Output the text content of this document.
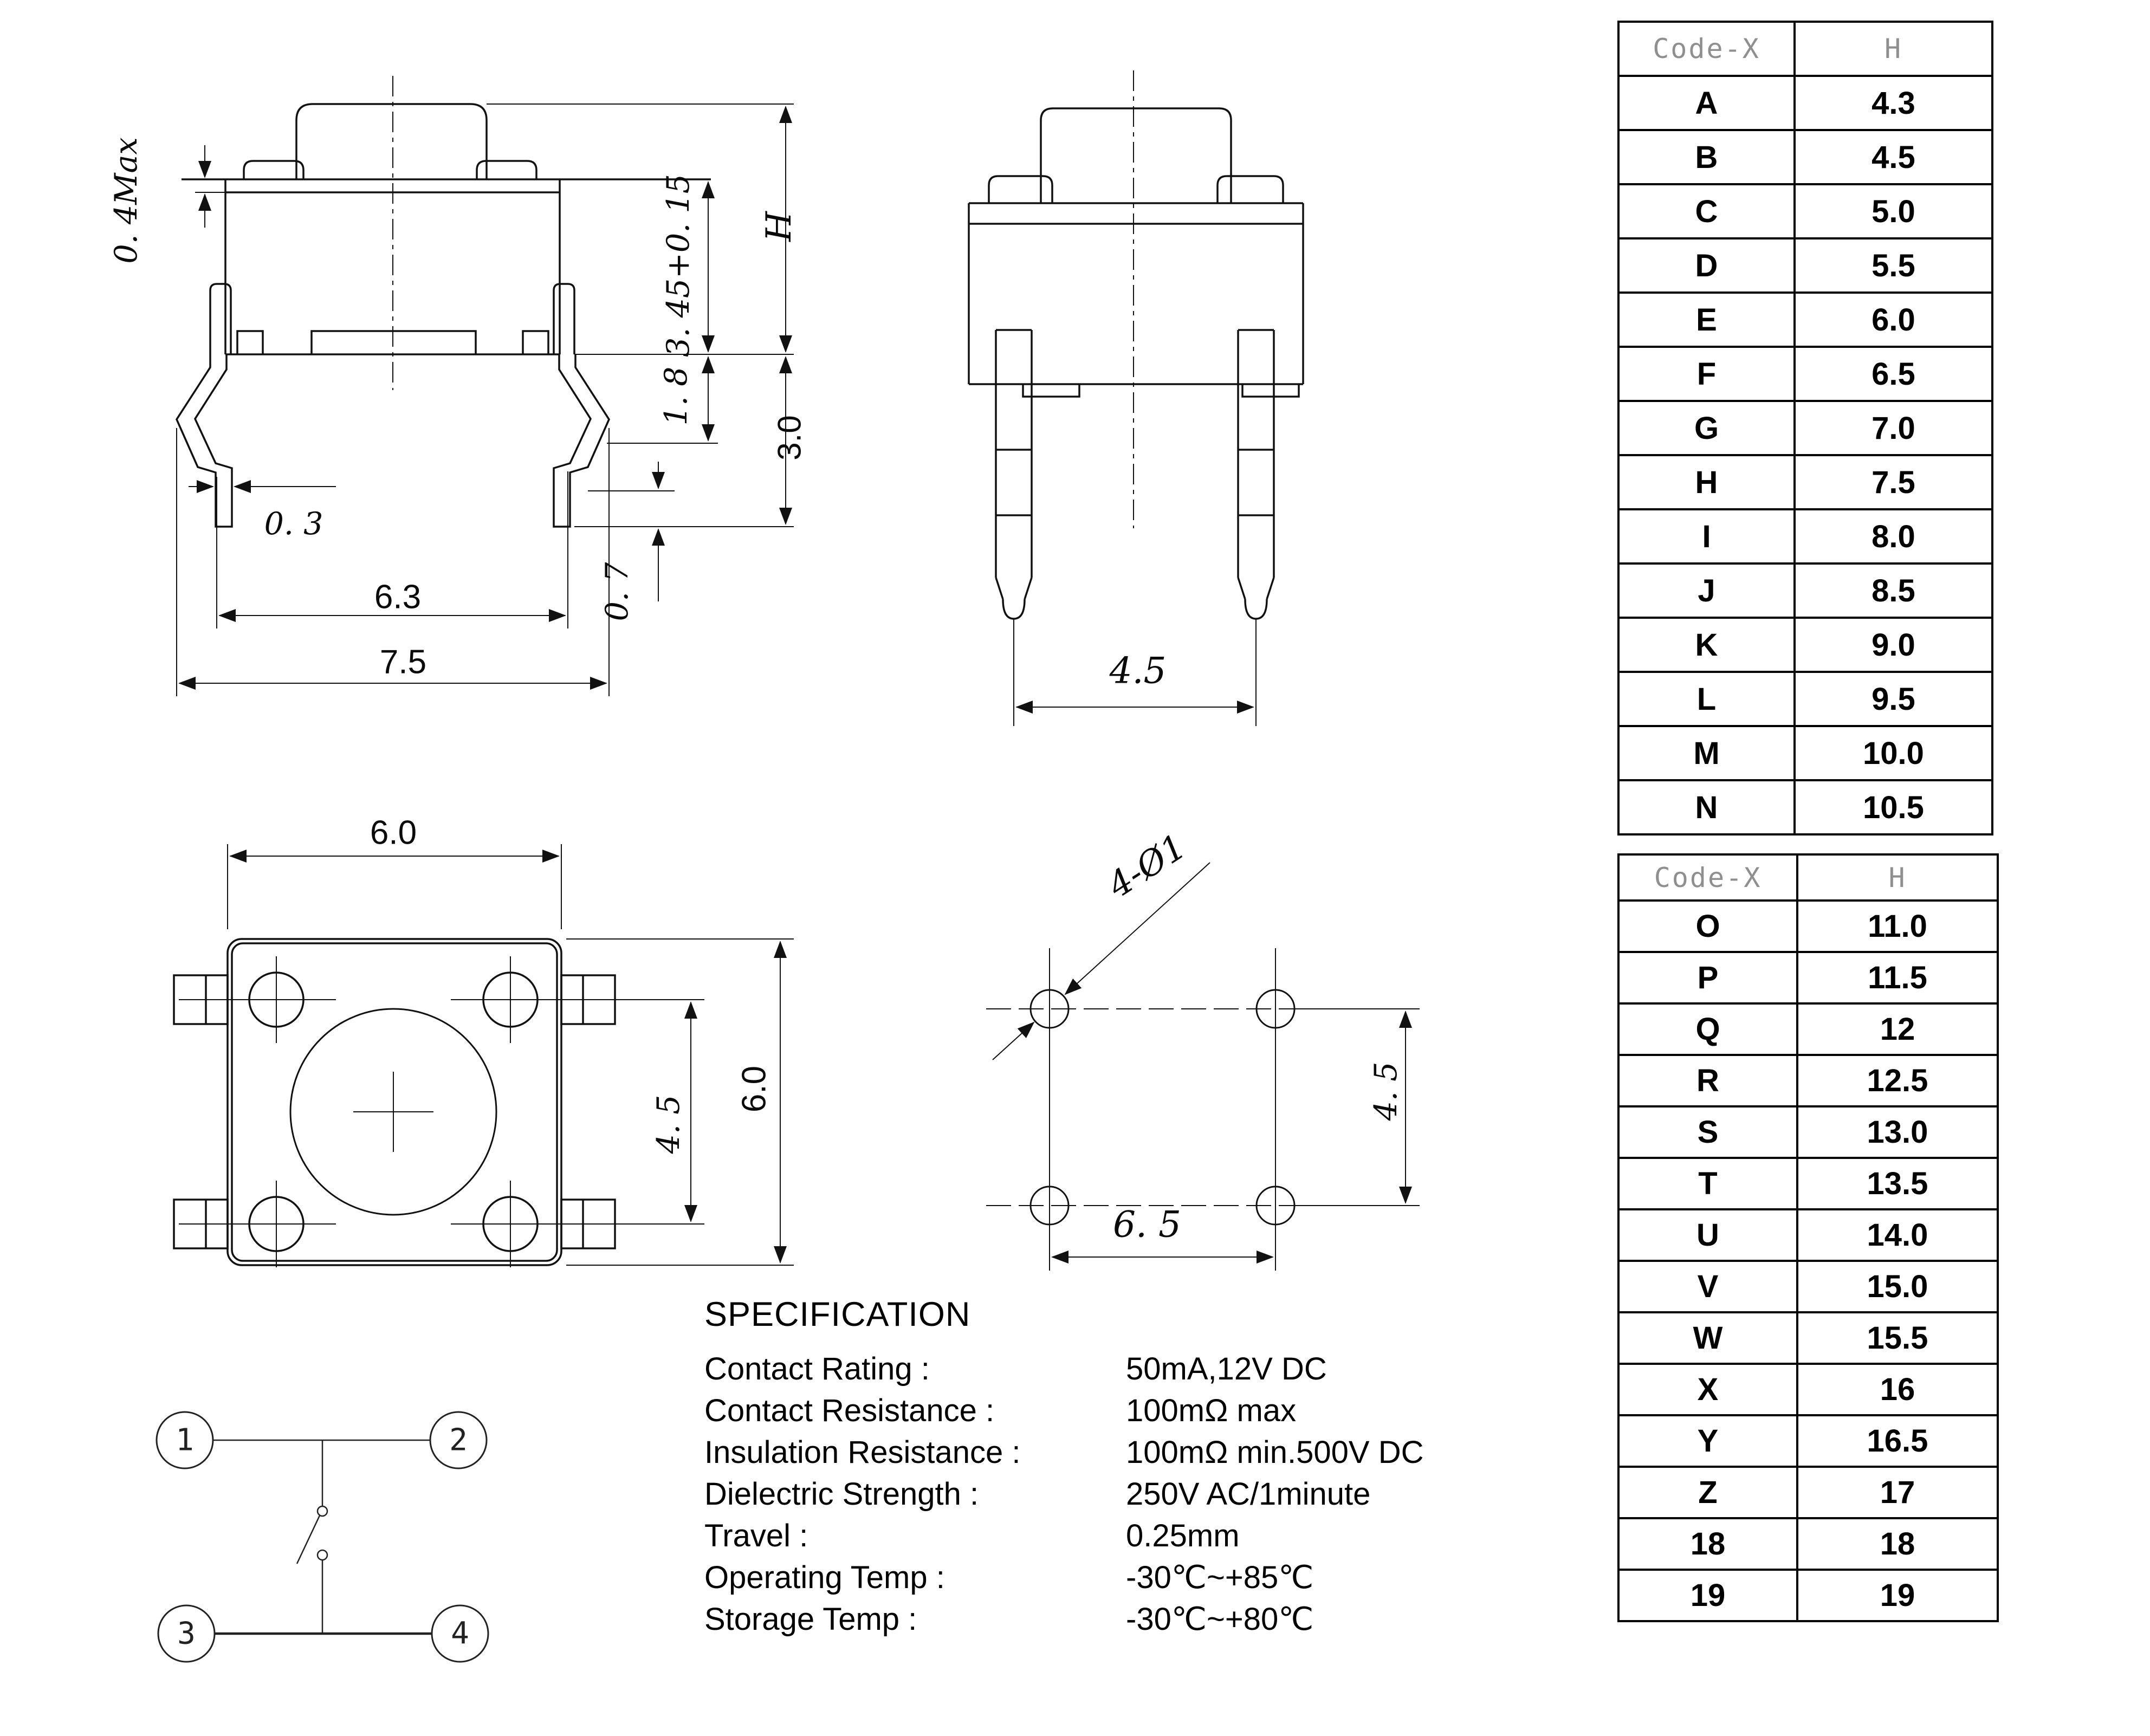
0. 4Max	3. 45+0. 15
1. 8
H
3.0
0. 7
0. 3
6.3
7.5	4.5
6.0
4. 5
6.0
4-Ø1
4. 5
6. 5
1	2
3	4
SPECIFICATION
Contact Rating :	50mA,12V DC
Contact Resistance :	100mΩ max
Insulation Resistance :	100mΩ min.500V DC
Dielectric Strength :	250V AC/1minute
Travel :	0.25mm
Operating Temp :	-30℃~+85℃
Storage Temp :	-30℃~+80℃
Code-X	H
A	4.3
B	4.5
C	5.0
D	5.5
E	6.0
F	6.5
G	7.0
H	7.5
I	8.0
J	8.5
K	9.0
L	9.5
M	10.0
N	10.5
Code-X	H
O	11.0
P	11.5
Q	12
R	12.5
S	13.0
T	13.5
U	14.0
V	15.0
W	15.5
X	16
Y	16.5
Z	17
18	18
19	19
